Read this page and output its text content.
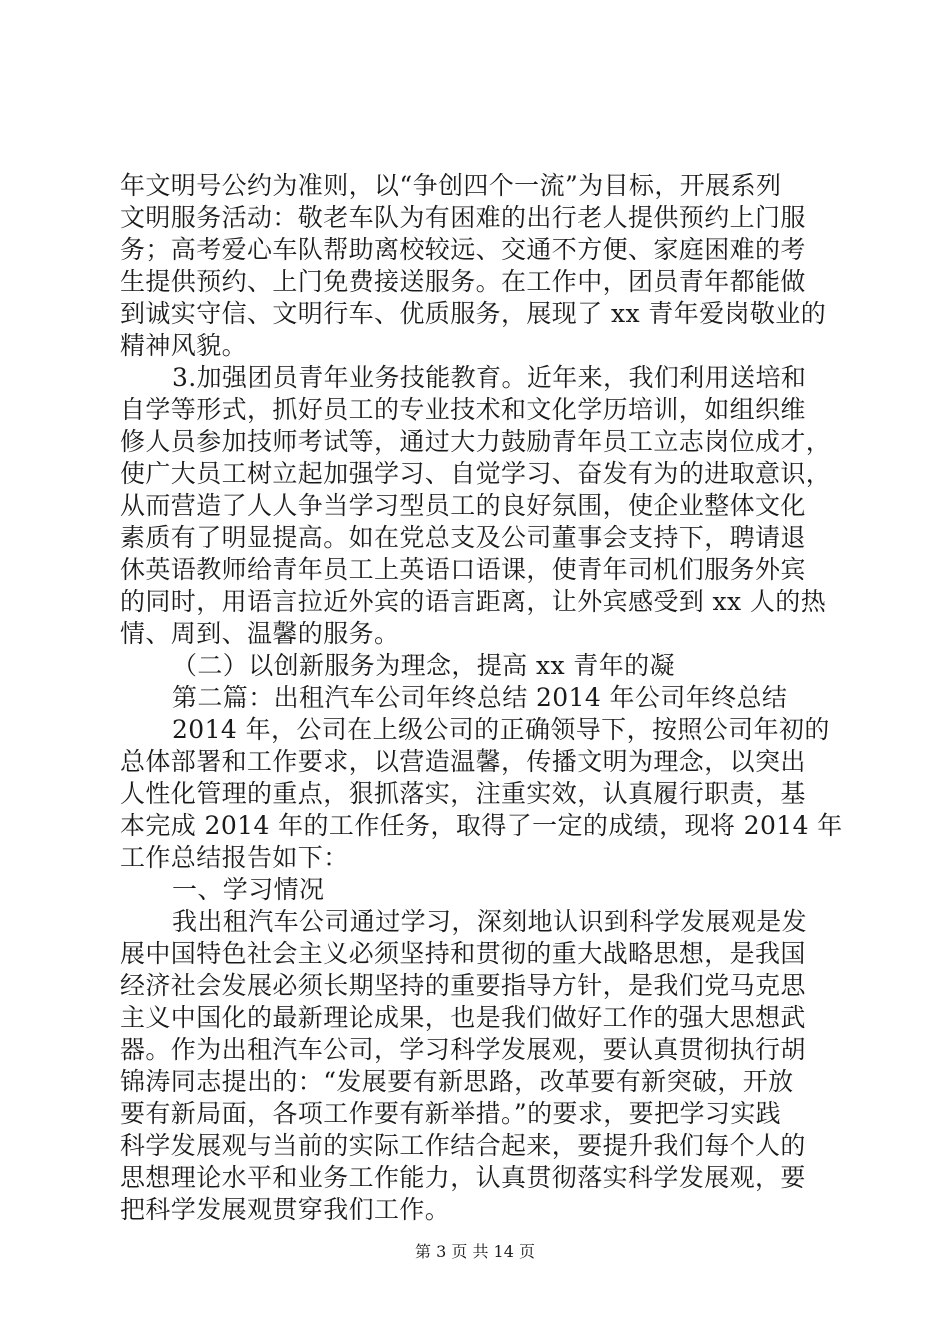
年文明号公约为准则，以“争创四个一流”为目标，开展系列
文明服务活动：敬老车队为有困难的出行老人提供预约上门服
务；高考爱心车队帮助离校较远、交通不方便、家庭困难的考
生提供预约、上门免费接送服务。在工作中，团员青年都能做
到诚实守信、文明行车、优质服务，展现了 xx 青年爱岗敬业的
精神风貌。
3.加强团员青年业务技能教育。近年来，我们利用送培和
自学等形式，抓好员工的专业技术和文化学历培训，如组织维
修人员参加技师考试等，通过大力鼓励青年员工立志岗位成才，
使广大员工树立起加强学习、自觉学习、奋发有为的进取意识，
从而营造了人人争当学习型员工的良好氛围，使企业整体文化
素质有了明显提高。如在党总支及公司董事会支持下，聘请退
休英语教师给青年员工上英语口语课，使青年司机们服务外宾
的同时，用语言拉近外宾的语言距离，让外宾感受到 xx 人的热
情、周到、温馨的服务。
（二）以创新服务为理念，提高 xx 青年的凝
第二篇：出租汽车公司年终总结 2014 年公司年终总结
2014 年，公司在上级公司的正确领导下，按照公司年初的
总体部署和工作要求，以营造温馨，传播文明为理念，以突出
人性化管理的重点，狠抓落实，注重实效，认真履行职责，基
本完成 2014 年的工作任务，取得了一定的成绩，现将 2014 年
工作总结报告如下：
一、学习情况
我出租汽车公司通过学习，深刻地认识到科学发展观是发
展中国特色社会主义必须坚持和贯彻的重大战略思想，是我国
经济社会发展必须长期坚持的重要指导方针，是我们党马克思
主义中国化的最新理论成果，也是我们做好工作的强大思想武
器。作为出租汽车公司，学习科学发展观，要认真贯彻执行胡
锦涛同志提出的：“发展要有新思路，改革要有新突破，开放
要有新局面，各项工作要有新举措。”的要求，要把学习实践
科学发展观与当前的实际工作结合起来，要提升我们每个人的
思想理论水平和业务工作能力，认真贯彻落实科学发展观，要
把科学发展观贯穿我们工作。
第 3 页 共 14 页
